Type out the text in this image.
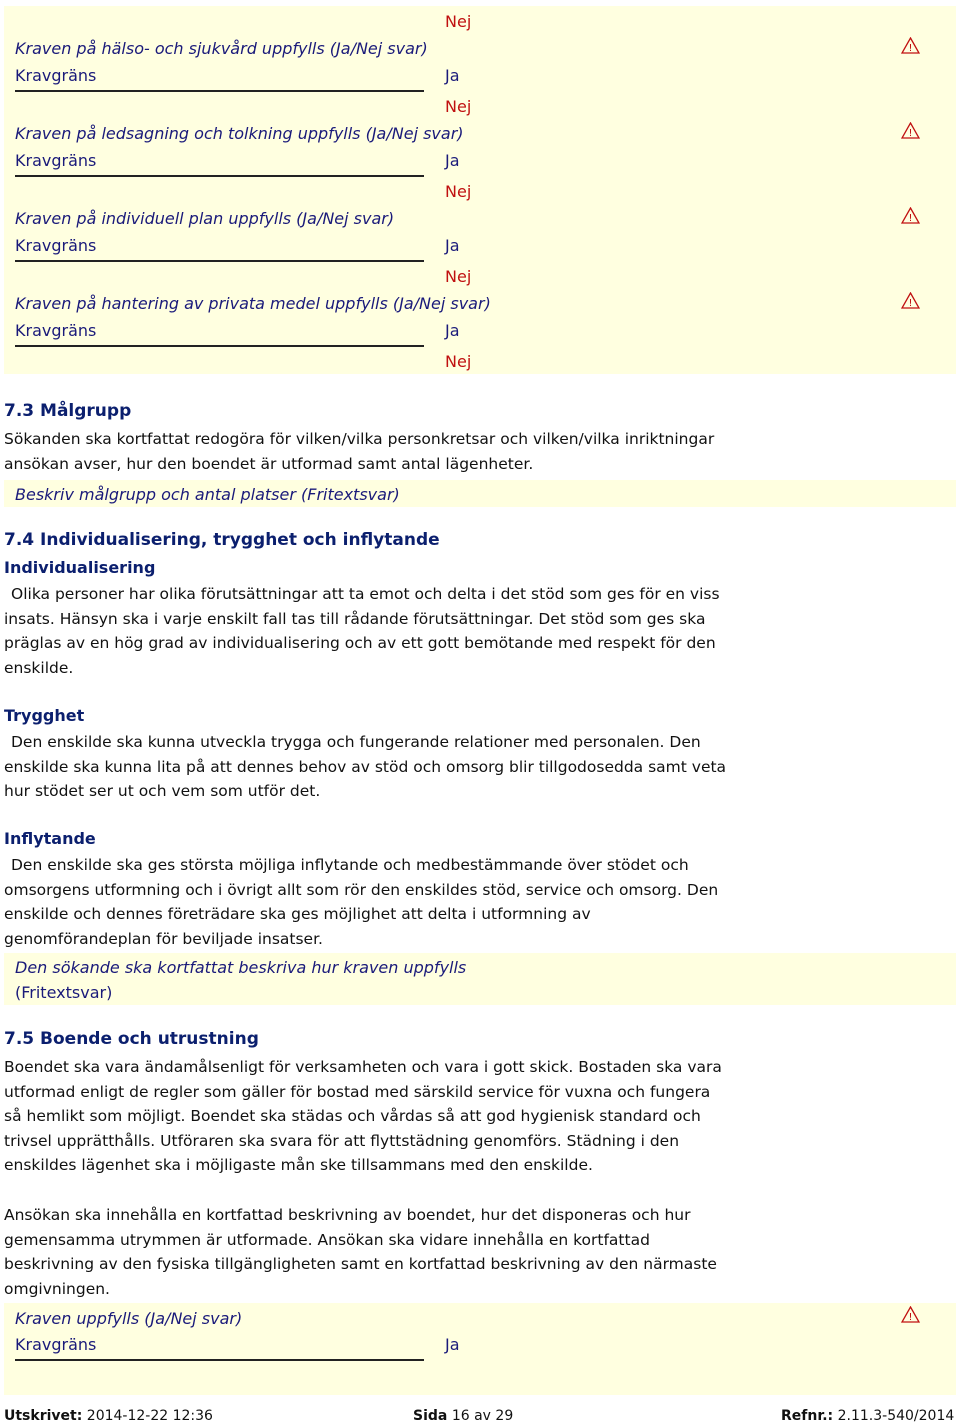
Nej
Kraven på hälso- och sjukvård uppfylls (Ja/Nej svar)	!
Kravgräns	Ja
Nej
Kraven på ledsagning och tolkning uppfylls (Ja/Nej svar)	!
Kravgräns	Ja
Nej
Kraven på individuell plan uppfylls (Ja/Nej svar)	!
Kravgräns	Ja
Nej
Kraven på hantering av privata medel uppfylls (Ja/Nej svar)	!
Kravgräns	Ja
Nej
7.3 Målgrupp
Sökanden ska kortfattat redogöra för vilken/vilka personkretsar och vilken/vilka inriktningar
ansökan avser, hur den boendet är utformad samt antal lägenheter.
Beskriv målgrupp och antal platser (Fritextsvar)
7.4 Individualisering, trygghet och inflytande
Individualisering
Olika personer har olika förutsättningar att ta emot och delta i det stöd som ges för en viss
insats. Hänsyn ska i varje enskilt fall tas till rådande förutsättningar. Det stöd som ges ska
präglas av en hög grad av individualisering och av ett gott bemötande med respekt för den
enskilde.
Trygghet
Den enskilde ska kunna utveckla trygga och fungerande relationer med personalen. Den
enskilde ska kunna lita på att dennes behov av stöd och omsorg blir tillgodosedda samt veta
hur stödet ser ut och vem som utför det.
Inflytande
Den enskilde ska ges största möjliga inflytande och medbestämmande över stödet och
omsorgens utformning och i övrigt allt som rör den enskildes stöd, service och omsorg. Den
enskilde och dennes företrädare ska ges möjlighet att delta i utformning av
genomförandeplan för beviljade insatser.
Den sökande ska kortfattat beskriva hur kraven uppfylls
(Fritextsvar)
7.5 Boende och utrustning
Boendet ska vara ändamålsenligt för verksamheten och vara i gott skick. Bostaden ska vara
utformad enligt de regler som gäller för bostad med särskild service för vuxna och fungera
så hemlikt som möjligt. Boendet ska städas och vårdas så att god hygienisk standard och
trivsel upprätthålls. Utföraren ska svara för att flyttstädning genomförs. Städning i den
enskildes lägenhet ska i möjligaste mån ske tillsammans med den enskilde.
Ansökan ska innehålla en kortfattad beskrivning av boendet, hur det disponeras och hur
gemensamma utrymmen är utformade. Ansökan ska vidare innehålla en kortfattad
beskrivning av den fysiska tillgängligheten samt en kortfattad beskrivning av den närmaste
omgivningen.
Kraven uppfylls (Ja/Nej svar)	!
Kravgräns	Ja
Utskrivet: 2014-12-22 12:36	Sida 16 av 29	Refnr.: 2.11.3-540/2014
